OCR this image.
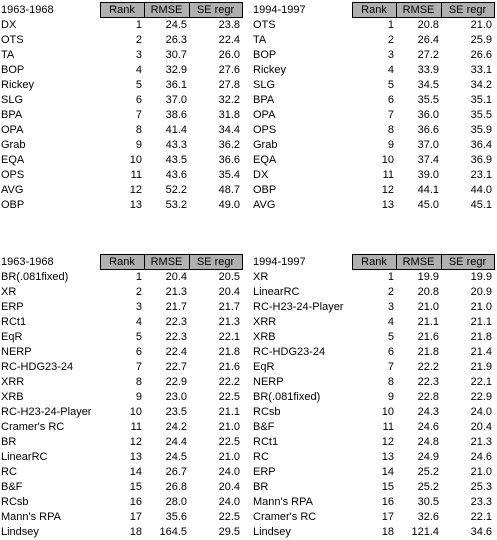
1963-1968	Rank	RMSE	SE regr
DX	1	24.5	23.8
OTS	2	26.3	22.4
TA	3	30.7	26.0
BOP	4	32.9	27.6
Rickey	5	36.1	27.8
SLG	6	37.0	32.2
BPA	7	38.6	31.8
OPA	8	41.4	34.4
Grab	9	43.3	36.2
EQA	10	43.5	36.6
OPS	11	43.6	35.4
AVG	12	52.2	48.7
OBP	13	53.2	49.0
1994-1997	Rank	RMSE	SE regr
OTS	1	20.8	21.0
TA	2	26.4	25.9
BOP	3	27.2	26.6
Rickey	4	33.9	33.1
SLG	5	34.5	34.2
BPA	6	35.5	35.1
OPA	7	36.0	35.5
OPS	8	36.6	35.9
Grab	9	37.0	36.4
EQA	10	37.4	36.9
DX	11	39.0	23.1
OBP	12	44.1	44.0
AVG	13	45.0	45.1
1963-1968	Rank	RMSE	SE regr
BR(.081fixed)	1	20.4	20.5
XR	2	21.3	20.4
ERP	3	21.7	21.7
RCt1	4	22.3	21.3
EqR	5	22.3	22.1
NERP	6	22.4	21.8
RC-HDG23-24	7	22.7	21.6
XRR	8	22.9	22.2
XRB	9	23.0	22.5
RC-H23-24-Player	10	23.5	21.1
Cramer's RC	11	24.2	21.0
BR	12	24.4	22.5
LinearRC	13	24.5	21.0
RC	14	26.7	24.0
B&F	15	26.8	20.4
RCsb	16	28.0	24.0
Mann's RPA	17	35.6	22.5
Lindsey	18	164.5	29.5
1994-1997	Rank	RMSE	SE regr
XR	1	19.9	19.9
LinearRC	2	20.8	20.9
RC-H23-24-Player	3	21.0	21.0
XRR	4	21.1	21.1
XRB	5	21.6	21.8
RC-HDG23-24	6	21.8	21.4
EqR	7	22.2	21.9
NERP	8	22.3	22.1
BR(.081fixed)	9	22.8	22.9
RCsb	10	24.3	24.0
B&F	11	24.6	20.4
RCt1	12	24.8	21.3
RC	13	24.9	24.6
ERP	14	25.2	21.0
BR	15	25.2	25.3
Mann's RPA	16	30.5	23.3
Cramer's RC	17	32.6	22.1
Lindsey	18	121.4	34.6
